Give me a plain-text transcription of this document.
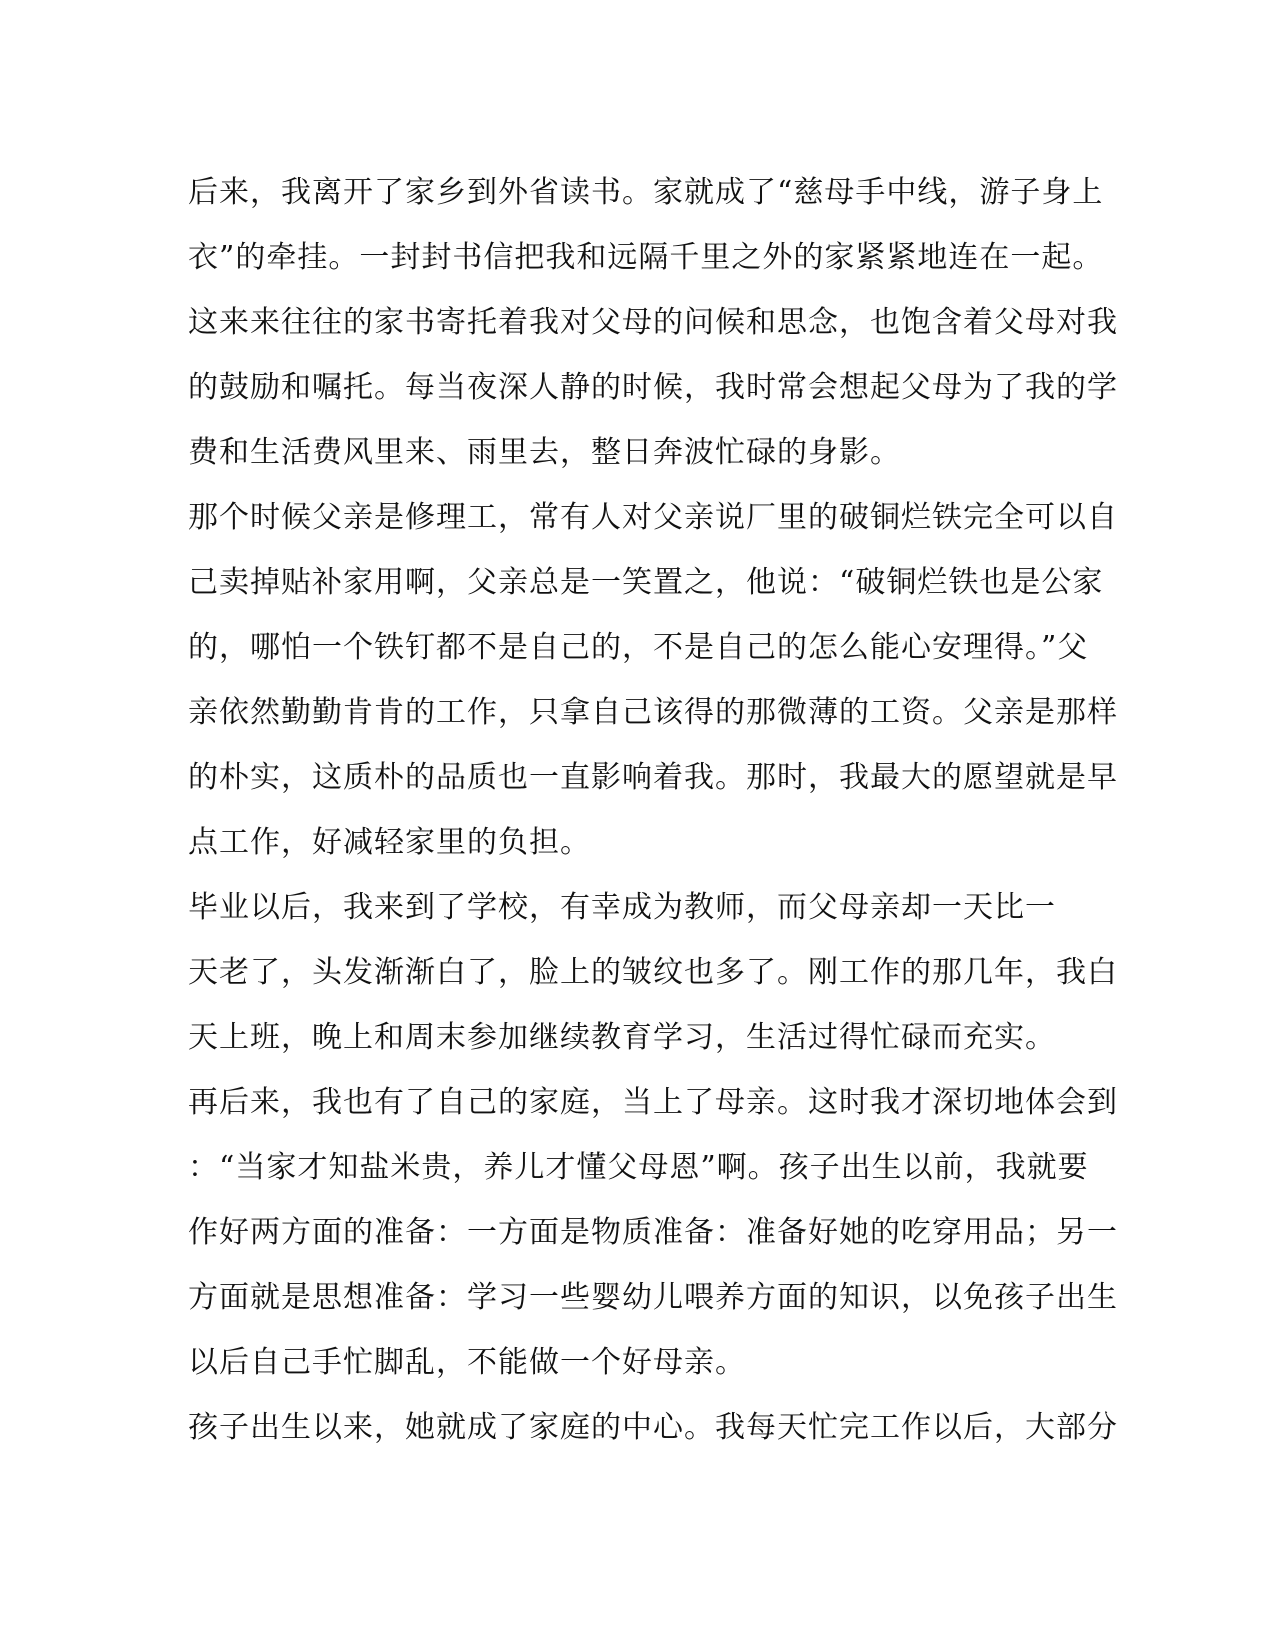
后来，我离开了家乡到外省读书。家就成了“慈母手中线，游子身上
衣”的牵挂。一封封书信把我和远隔千里之外的家紧紧地连在一起。
这来来往往的家书寄托着我对父母的问候和思念，也饱含着父母对我
的鼓励和嘱托。每当夜深人静的时候，我时常会想起父母为了我的学
费和生活费风里来、雨里去，整日奔波忙碌的身影。
那个时候父亲是修理工，常有人对父亲说厂里的破铜烂铁完全可以自
己卖掉贴补家用啊，父亲总是一笑置之，他说：“破铜烂铁也是公家
的，哪怕一个铁钉都不是自己的，不是自己的怎么能心安理得。”父
亲依然勤勤肯肯的工作，只拿自己该得的那微薄的工资。父亲是那样
的朴实，这质朴的品质也一直影响着我。那时，我最大的愿望就是早
点工作，好减轻家里的负担。
毕业以后，我来到了学校，有幸成为教师，而父母亲却一天比一
天老了，头发渐渐白了，脸上的皱纹也多了。刚工作的那几年，我白
天上班，晚上和周末参加继续教育学习，生活过得忙碌而充实。
再后来，我也有了自己的家庭，当上了母亲。这时我才深切地体会到
：“当家才知盐米贵，养儿才懂父母恩”啊。孩子出生以前，我就要
作好两方面的准备：一方面是物质准备：准备好她的吃穿用品；另一
方面就是思想准备：学习一些婴幼儿喂养方面的知识，以免孩子出生
以后自己手忙脚乱，不能做一个好母亲。
孩子出生以来，她就成了家庭的中心。我每天忙完工作以后，大部分
